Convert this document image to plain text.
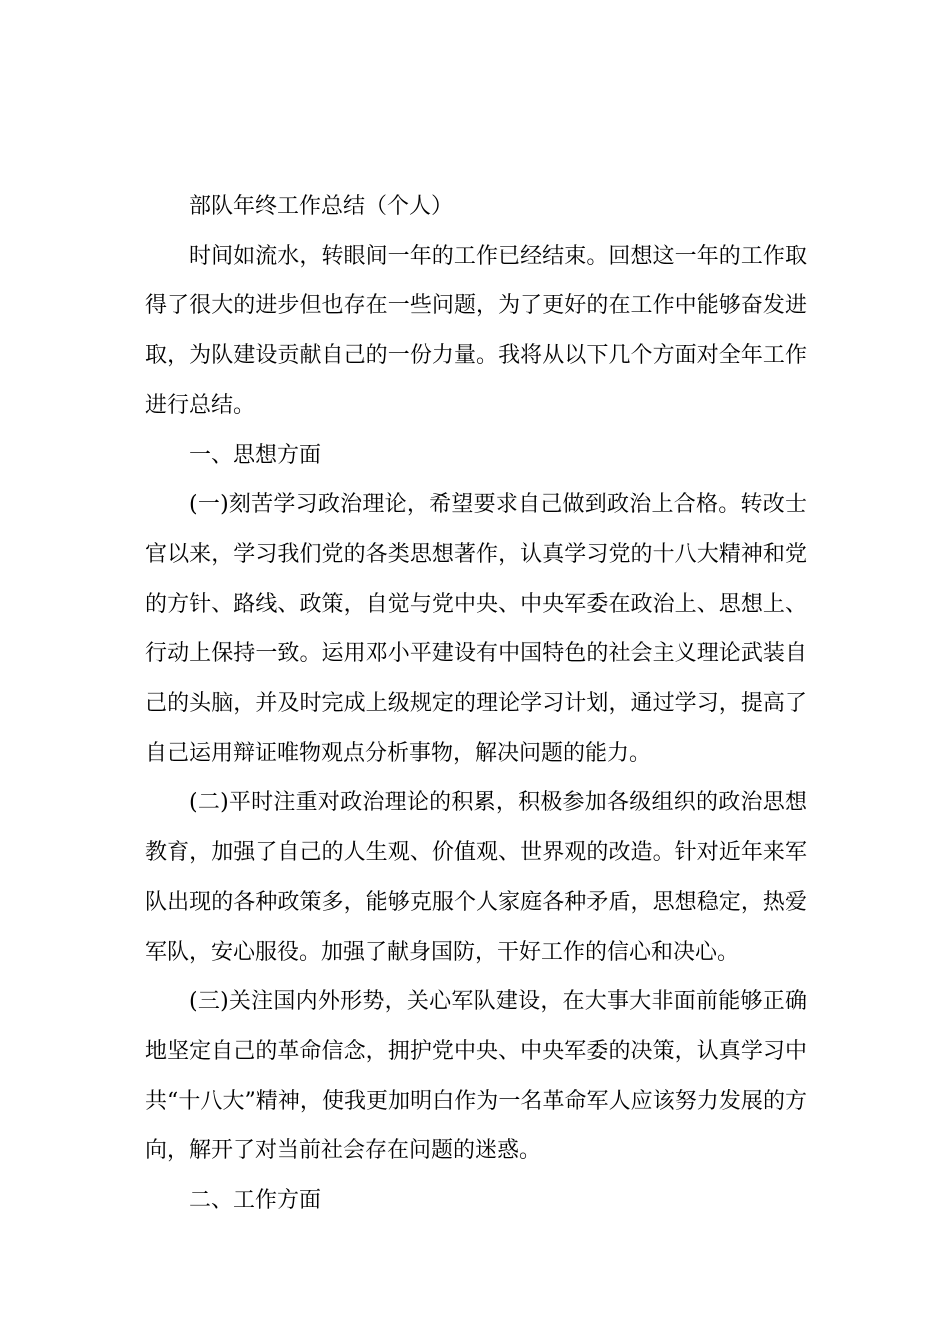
部队年终工作总结（个人）

时间如流水，转眼间一年的工作已经结束。回想这一年的工作取得了很大的进步但也存在一些问题，为了更好的在工作中能够奋发进取，为队建设贡献自己的一份力量。我将从以下几个方面对全年工作进行总结。

一、思想方面

(一)刻苦学习政治理论，希望要求自己做到政治上合格。转改士官以来，学习我们党的各类思想著作，认真学习党的十八大精神和党的方针、路线、政策，自觉与党中央、中央军委在政治上、思想上、行动上保持一致。运用邓小平建设有中国特色的社会主义理论武装自己的头脑，并及时完成上级规定的理论学习计划，通过学习，提高了自己运用辩证唯物观点分析事物，解决问题的能力。

(二)平时注重对政治理论的积累，积极参加各级组织的政治思想教育，加强了自己的人生观、价值观、世界观的改造。针对近年来军队出现的各种政策多，能够克服个人家庭各种矛盾，思想稳定，热爱军队，安心服役。加强了献身国防，干好工作的信心和决心。

(三)关注国内外形势，关心军队建设，在大事大非面前能够正确地坚定自己的革命信念，拥护党中央、中央军委的决策，认真学习中共“十八大”精神，使我更加明白作为一名革命军人应该努力发展的方向，解开了对当前社会存在问题的迷惑。

二、工作方面
